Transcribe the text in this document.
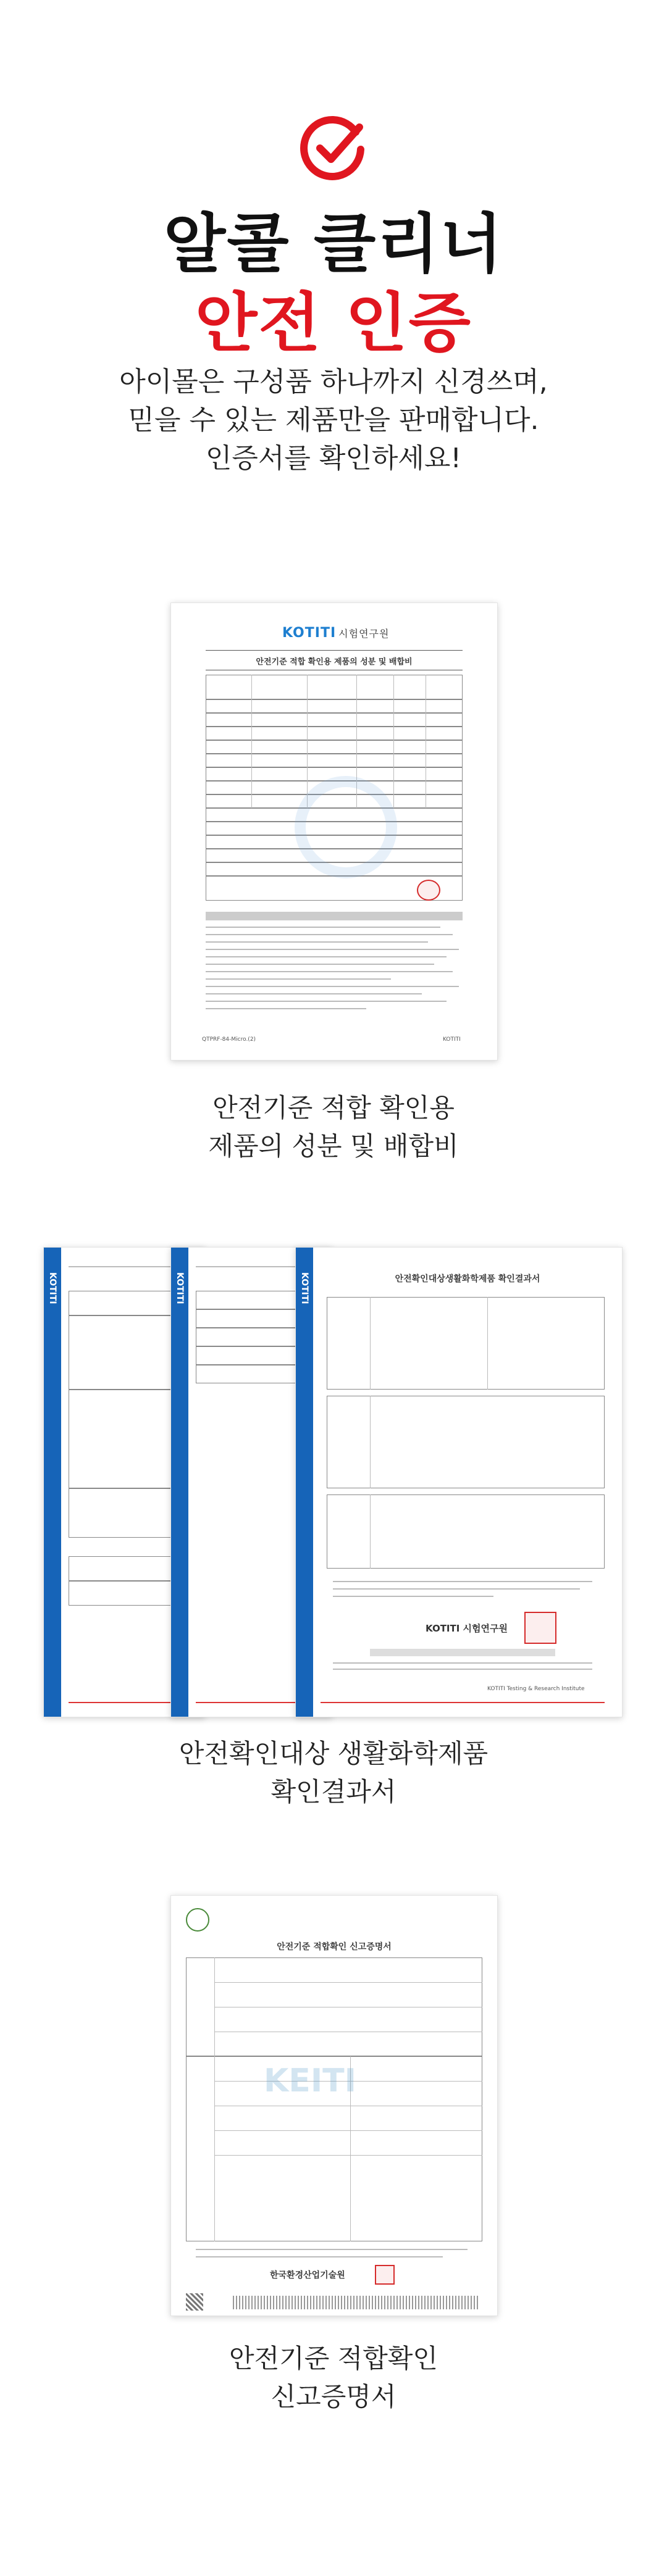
알콜 클리너
안전 인증
아이몰은 구성품 하나까지 신경쓰며,
믿을 수 있는 제품만을 판매합니다.
인증서를 확인하세요!
KOTITI 시험연구원
안전기준 적합 확인용 제품의 성분 및 배합비
QTPRF-84-Micro.(2)	KOTITI
안전기준 적합 확인용
제품의 성분 및 배합비
KOTITI	KOTITI	KOTITI	안전확인대상생활화학제품 확인결과서
KOTITI 시험연구원
KOTITI Testing & Research Institute
안전확인대상 생활화학제품
확인결과서
안전기준 적합확인 신고증명서
KEITI
한국환경산업기술원
안전기준 적합확인
신고증명서
